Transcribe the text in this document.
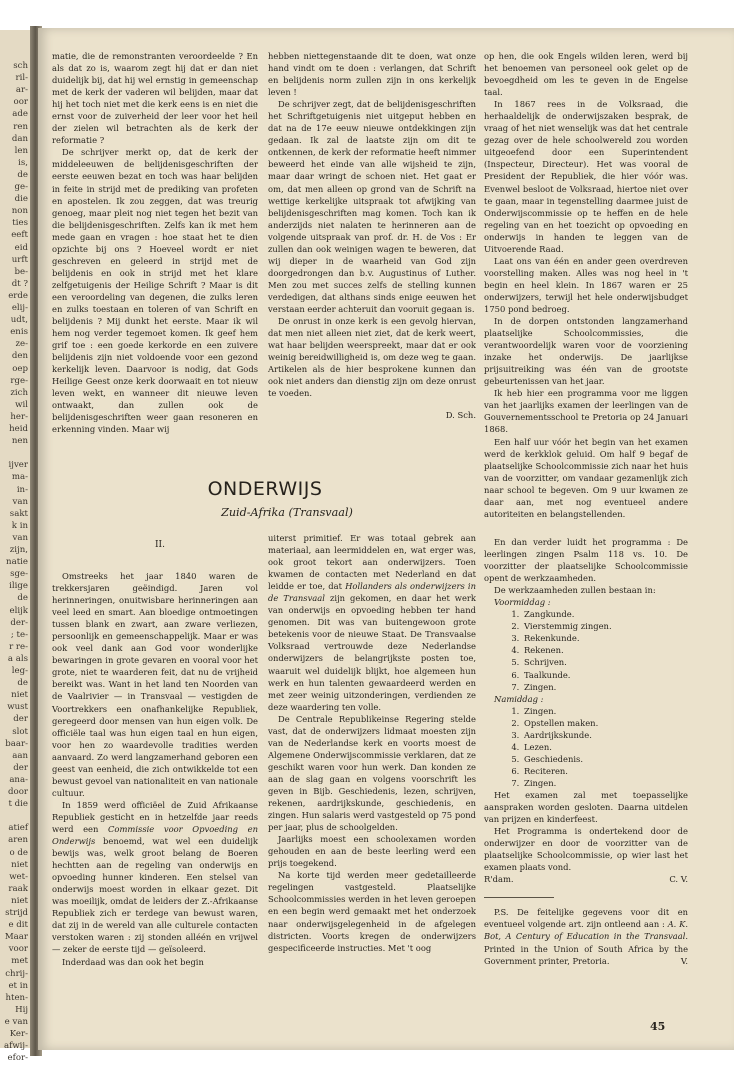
sch
ril-
ar-
oor
ade
ren
dan
len
is,
de
ge-
die
non
ties
eeft
eid
urft
be-
dt ?
erde
elij-
udt,
enis
ze-
den
oep
rge-
zich
wil
her-
heid
nen
ijver
ma-
in-
van
sakt
k in
van
zijn,
natie
sge-
ilige
de
elijk
der-
; te-
r re-
a als
leg-
de
niet
wust
der
slot
baar-
aan
der
ana-
door
t die
atief
aren
o de
niet
wet-
raak
niet
strijd
e dit
Maar
voor
met
chrij-
et in
hten-
Hij
e van
Ker-
afwij-
efor-

matie, die de remonstranten veroordeelde ? En als dat zo is, waarom zegt hij dat er dan niet duidelijk bij, dat hij wel ernstig in gemeenschap met de kerk der vaderen wil belijden, maar dat hij het toch niet met die kerk eens is en niet die ernst voor de zuiverheid der leer voor het heil der zielen wil betrachten als de kerk der reformatie ?

De schrijver merkt op, dat de kerk der middeleeuwen de belijdenisgeschriften der eerste eeuwen bezat en toch was haar belijden in feite in strijd met de prediking van profeten en apostelen. Ik zou zeggen, dat was treurig genoeg, maar pleit nog niet tegen het bezit van die belijdenisgeschriften. Zelfs kan ik met hem mede gaan en vragen : hoe staat het te dien opzichte bij ons ? Hoeveel wordt er niet geschreven en geleerd in strijd met de belijdenis en ook in strijd met het klare zelfgetuigenis der Heilige Schrift ? Maar is dit een veroordeling van degenen, die zulks leren en zulks toestaan en toleren of van Schrift en belijdenis ? Mij dunkt het eerste. Maar ik wil hem nog verder tegemoet komen. Ik geef hem grif toe : een goede kerkorde en een zuivere belijdenis zijn niet voldoende voor een gezond kerkelijk leven. Daarvoor is nodig, dat Gods Heilige Geest onze kerk doorwaait en tot nieuw leven wekt, en wanneer dit nieuwe leven ontwaakt, dan zullen ook de belijdenisgeschriften weer gaan resoneren en erkenning vinden. Maar wij

hebben niettegenstaande dit te doen, wat onze hand vindt om te doen : verlangen, dat Schrift en belijdenis norm zullen zijn in ons kerkelijk leven !

De schrijver zegt, dat de belijdenisgeschriften het Schriftgetuigenis niet uitgeput hebben en dat na de 17e eeuw nieuwe ontdekkingen zijn gedaan. Ik zal de laatste zijn om dit te ontkennen, de kerk der reformatie heeft nimmer beweerd het einde van alle wijsheid te zijn, maar daar wringt de schoen niet. Het gaat er om, dat men alleen op grond van de Schrift na wettige kerkelijke uitspraak tot afwijking van belijdenisgeschriften mag komen. Toch kan ik anderzijds niet nalaten te herinneren aan de volgende uitspraak van prof. dr. H. de Vos : Er zullen dan ook weinigen wagen te beweren, dat wij dieper in de waarheid van God zijn doorgedrongen dan b.v. Augustinus of Luther. Men zou met succes zelfs de stelling kunnen verdedigen, dat althans sinds enige eeuwen het verstaan eerder achteruit dan vooruit gegaan is.

De onrust in onze kerk is een gevolg hiervan, dat men niet alleen niet ziet, dat de kerk weert, wat haar belijden weerspreekt, maar dat er ook weinig bereidwilligheid is, om deze weg te gaan. Artikelen als de hier besprokene kunnen dan ook niet anders dan dienstig zijn om deze onrust te voeden.

D. Sch.

op hen, die ook Engels wilden leren, werd bij het benoemen van personeel ook gelet op de bevoegdheid om les te geven in de Engelse taal.

In 1867 rees in de Volksraad, die herhaaldelijk de onderwijszaken besprak, de vraag of het niet wenselijk was dat het centrale gezag over de hele schoolwereld zou worden uitgeoefend door een Superintendent (Inspecteur, Directeur). Het was vooral de President der Republiek, die hier vóór was. Evenwel besloot de Volksraad, hiertoe niet over te gaan, maar in tegenstelling daarmee juist de Onderwijscommissie op te heffen en de hele regeling van en het toezicht op opvoeding en onderwijs in handen te leggen van de Uitvoerende Raad.

Laat ons van één en ander geen overdreven voorstelling maken. Alles was nog heel in 't begin en heel klein. In 1867 waren er 25 onderwijzers, terwijl het hele onderwijsbudget 1750 pond bedroeg.

In de dorpen ontstonden langzamerhand plaatselijke Schoolcommissies, die verantwoordelijk waren voor de voorziening inzake het onderwijs. De jaarlijkse prijsuitreiking was één van de grootste gebeurtenissen van het jaar.

Ik heb hier een programma voor me liggen van het jaarlijks examen der leerlingen van de Gouvernementsschool te Pretoria op 24 Januari 1868.

Een half uur vóór het begin van het examen werd de kerkklok geluid. Om half 9 begaf de plaatselijke Schoolcommissie zich naar het huis van de voorzitter, om vandaar gezamenlijk zich naar school te begeven. Om 9 uur kwamen ze daar aan, met nog eventueel andere autoriteiten en belangstellenden.

ONDERWIJS
Zuid-Afrika (Transvaal)
II.

Omstreeks het jaar 1840 waren de trekkersjaren geëindigd. Jaren vol herinneringen, onuitwisbare herinneringen aan veel leed en smart. Aan bloedige ontmoetingen tussen blank en zwart, aan zware verliezen, persoonlijk en gemeenschappelijk. Maar er was ook veel dank aan God voor wonderlijke bewaringen in grote gevaren en vooral voor het grote, niet te waarderen feit, dat nu de vrijheid bereikt was. Want in het land ten Noorden van de Vaalrivier — in Transvaal — vestigden de Voortrekkers een onafhankelijke Republiek, geregeerd door mensen van hun eigen volk. De officiële taal was hun eigen taal en hun eigen, voor hen zo waardevolle tradities werden aanvaard. Zo werd langzamerhand geboren een geest van eenheid, die zich ontwikkelde tot een bewust gevoel van nationaliteit en van nationale cultuur.

In 1859 werd officiëel de Zuid Afrikaanse Republiek gesticht en in hetzelfde jaar reeds werd een Commissie voor Opvoeding en Onderwijs benoemd, wat wel een duidelijk bewijs was, welk groot belang de Boeren hechtten aan de regeling van onderwijs en opvoeding hunner kinderen. Een stelsel van onderwijs moest worden in elkaar gezet. Dit was moeilijk, omdat de leiders der Z.-Afrikaanse Republiek zich er terdege van bewust waren, dat zij in de wereld van alle culturele contacten verstoken waren : zij stonden alléén en vrijwel — zeker de eerste tijd — geïsoleerd.

Inderdaad was dan ook het begin

uiterst primitief. Er was totaal gebrek aan materiaal, aan leermiddelen en, wat erger was, ook groot tekort aan onderwijzers. Toen kwamen de contacten met Nederland en dat leidde er toe, dat Hollanders als onderwijzers in de Transvaal zijn gekomen, en daar het werk van onderwijs en opvoeding hebben ter hand genomen. Dit was van buitengewoon grote betekenis voor de nieuwe Staat. De Transvaalse Volksraad vertrouwde deze Nederlandse onderwijzers de belangrijkste posten toe, waaruit wel duidelijk blijkt, hoe algemeen hun werk en hun talenten gewaardeerd werden en met zeer weinig uitzonderingen, verdienden ze deze waardering ten volle.

De Centrale Republikeinse Regering stelde vast, dat de onderwijzers lidmaat moesten zijn van de Nederlandse kerk en voorts moest de Algemene Onderwijscommissie verklaren, dat ze geschikt waren voor hun werk. Dan konden ze aan de slag gaan en volgens voorschrift les geven in Bijb. Geschiedenis, lezen, schrijven, rekenen, aardrijkskunde, geschiedenis, en zingen. Hun salaris werd vastgesteld op 75 pond per jaar, plus de schoolgelden.

Jaarlijks moest een schoolexamen worden gehouden en aan de beste leerling werd een prijs toegekend.

Na korte tijd werden meer gedetailleerde regelingen vastgesteld. Plaatselijke Schoolcommissies werden in het leven geroepen en een begin werd gemaakt met het onderzoek naar onderwijsgelegenheid in de afgelegen districten. Voorts kregen de onderwijzers gespecificeerde instructies. Met 't oog

En dan verder luidt het programma : De leerlingen zingen Psalm 118 vs. 10. De voorzitter der plaatselijke Schoolcommissie opent de werkzaamheden.

De werkzaamheden zullen bestaan in:

Voormiddag :

1. Zangkunde.
2. Vierstemmig zingen.
3. Rekenkunde.
4. Rekenen.
5. Schrijven.
6. Taalkunde.
7. Zingen.

Namiddag :

1. Zingen.
2. Opstellen maken.
3. Aardrijkskunde.
4. Lezen.
5. Geschiedenis.
6. Reciteren.
7. Zingen.

Het examen zal met toepasselijke aanspraken worden gesloten. Daarna uitdelen van prijzen en kinderfeest.

Het Programma is ondertekend door de onderwijzer en door de voorzitter van de plaatselijke Schoolcommissie, op wier last het examen plaats vond.

R'dam.	C. V.

P.S. De feitelijke gegevens voor dit en eventueel volgende art. zijn ontleend aan : A. K. Bot, A Century of Education in the Transvaal. Printed in the Union of South Africa by the Government printer, Pretoria.	V.

45
